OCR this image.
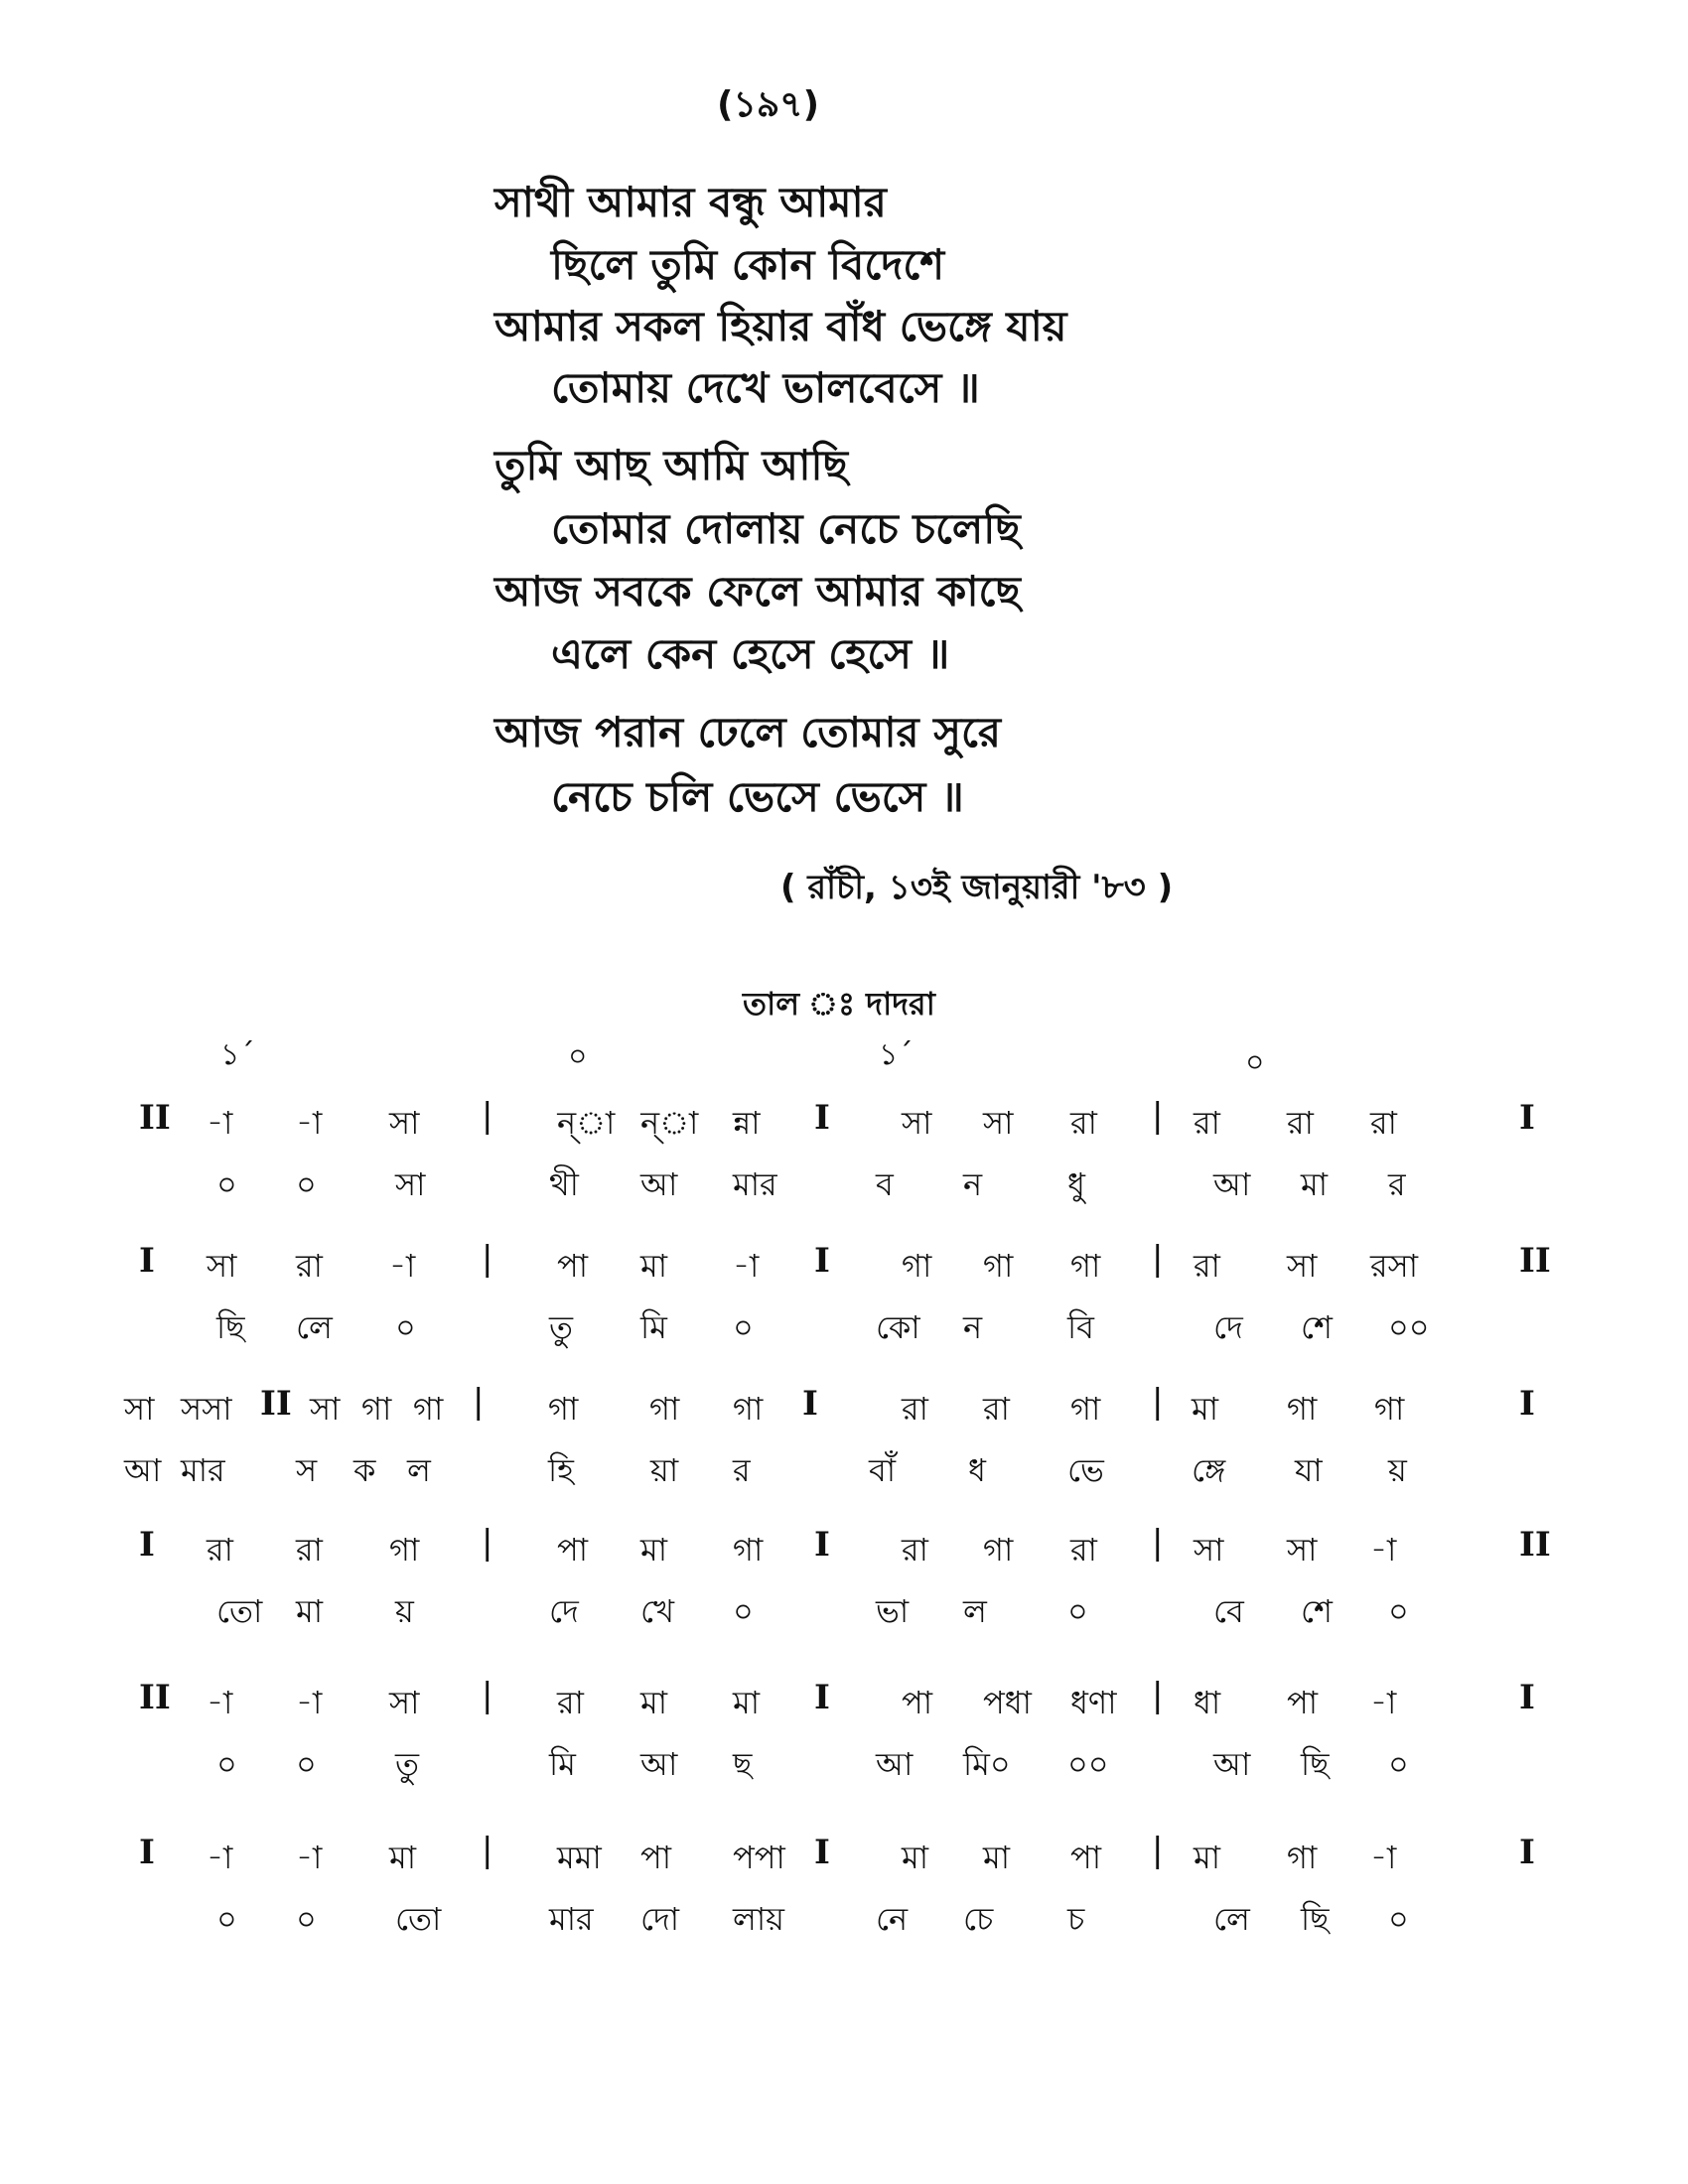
(১৯৭)
সাথী আমার বন্ধু আমার
ছিলে তুমি কোন বিদেশে
আমার সকল হিয়ার বাঁধ ভেঙ্গে যায়
তোমায় দেখে ভালবেসে ॥
তুমি আছ আমি আছি
তোমার দোলায় নেচে চলেছি
আজ সবকে ফেলে আমার কাছে
এলে কেন হেসে হেসে ॥
আজ পরান ঢেলে তোমার সুরে
নেচে চলি ভেসে ভেসে ॥
( রাঁচী, ১৩ই জানুয়ারী '৮৩ )
তাল ঃ দাদরা
১´	০	১´	০
II -া -া সা | ন্া ন্া ন্না I সা সা রা | রা রা রা	I
০ ০ সা	থী আ মার	ব ন	ধু	আ মা র
I সা রা -া | পা মা -া I গা গা গা | রা সা রসা	II
ছি লে ০	তু মি ০	কো ন	বি	দে শে ০০
সা সসা II সা গা গা | গা গা গা I	রা রা গা | মা গা গা	I
আ মার স ক ল	হি য়া র	বাঁ ধ	ভে	ঙ্গে যা য়
I রা রা গা | পা মা গা I রা গা রা | সা সা -া	II
তো মা য়	দে খে ০	ভা ল	০	বে শে ০
II -া -া সা | রা মা মা I পা পধা ধণা | ধা পা -া	I
০ ০ তু	মি আ ছ	আ মি০ ০০	আ ছি ০
I -া -া মা | মমা পা পপা I মা মা পা | মা গা -া	I
০ ০ তো	মার দো লায়	নে চে চ	লে ছি ০
